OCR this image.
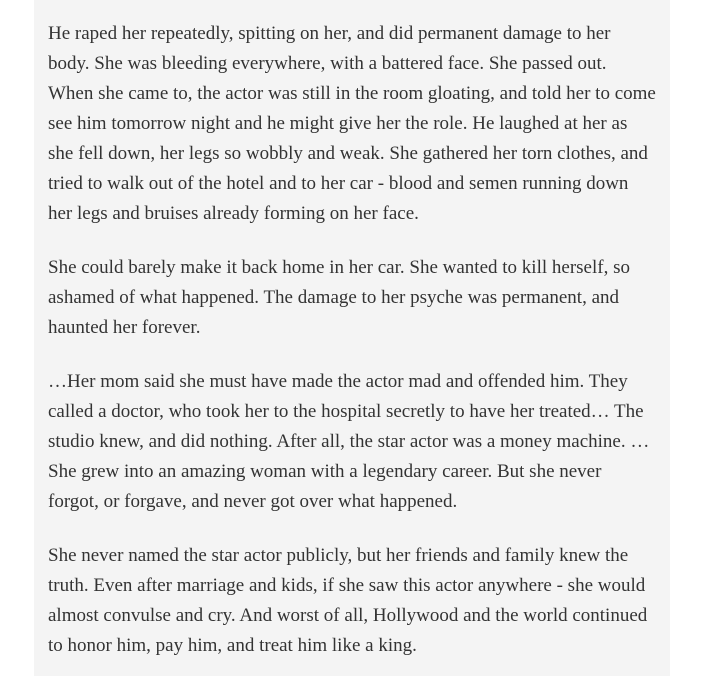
He raped her repeatedly, spitting on her, and did permanent damage to her body. She was bleeding everywhere, with a battered face. She passed out. When she came to, the actor was still in the room gloating, and told her to come see him tomorrow night and he might give her the role. He laughed at her as she fell down, her legs so wobbly and weak. She gathered her torn clothes, and tried to walk out of the hotel and to her car - blood and semen running down her legs and bruises already forming on her face.

She could barely make it back home in her car. She wanted to kill herself, so ashamed of what happened. The damage to her psyche was permanent, and haunted her forever.

…Her mom said she must have made the actor mad and offended him. They called a doctor, who took her to the hospital secretly to have her treated… The studio knew, and did nothing. After all, the star actor was a money machine. … She grew into an amazing woman with a legendary career. But she never forgot, or forgave, and never got over what happened.

She never named the star actor publicly, but her friends and family knew the truth. Even after marriage and kids, if she saw this actor anywhere - she would almost convulse and cry. And worst of all, Hollywood and the world continued to honor him, pay him, and treat him like a king.
